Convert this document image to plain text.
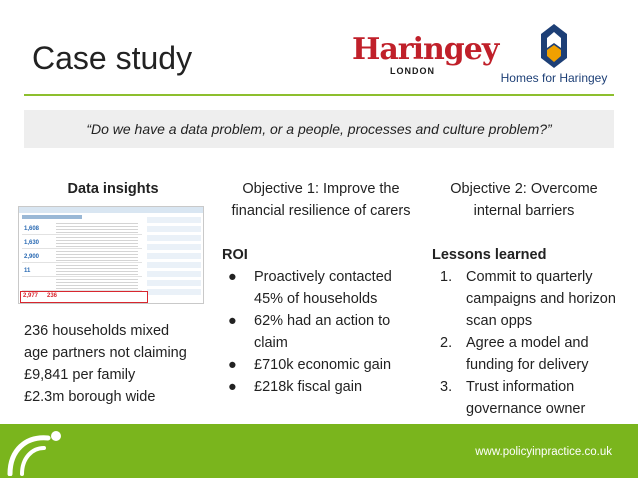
Case study	Haringey
LONDON	Homes for Haringey
“Do we have a data problem, or a people, processes and culture problem?”
Data insights	Objective 1: Improve the financial resilience of carers
Objective 2: Overcome internal barriers
1,608
1,630
2,900
11
2,977 236
236 households mixed
age partners not claiming
£9,841 per family
£2.3m borough wide
ROI
● Proactively contacted 45% of households
● 62% had an action to claim
● £710k economic gain
● £218k fiscal gain
Lessons learned
1. Commit to quarterly campaigns and horizon scan opps
2. Agree a model and funding for delivery
3. Trust information governance owner
www.policyinpractice.co.uk
